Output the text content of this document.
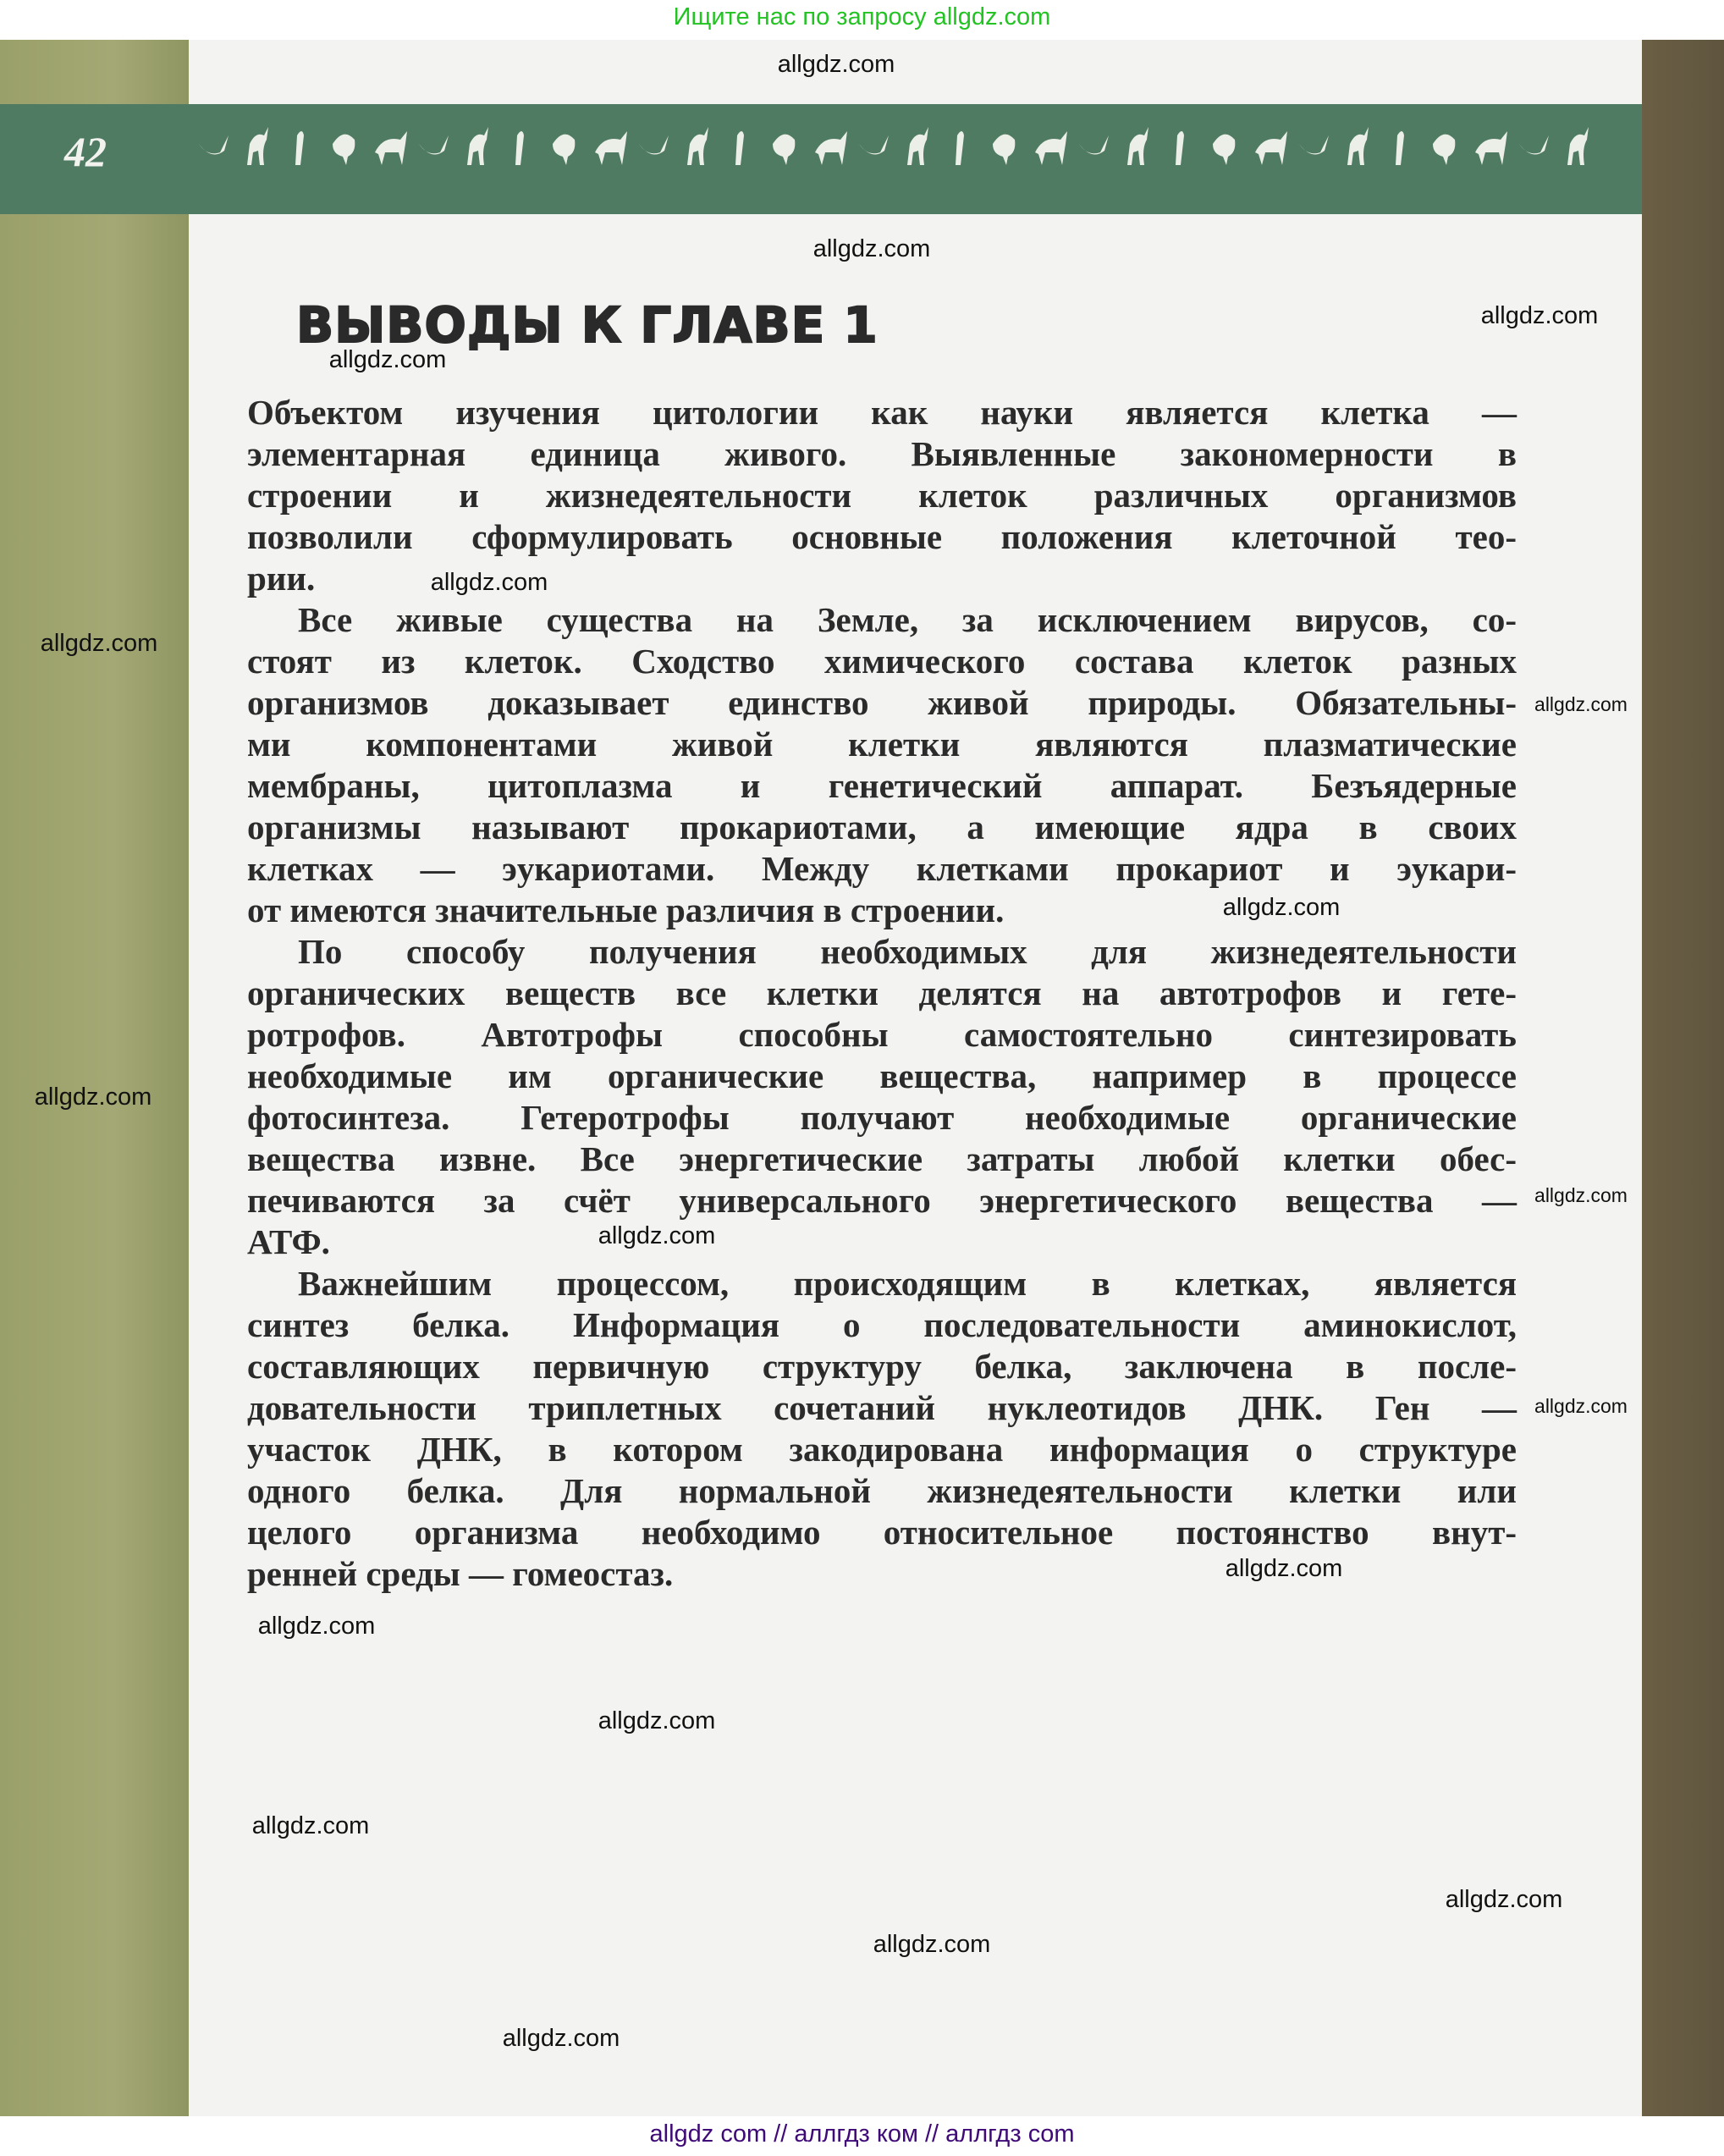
Ищите нас по запросу allgdz.com
42
ВЫВОДЫ К ГЛАВЕ 1
Объектом изучения цитологии как науки является клетка —
элементарная единица живого. Выявленные закономерности в
строении и жизнедеятельности клеток различных организмов
позволили сформулировать основные положения клеточной тео-
рии.
Все живые существа на Земле, за исключением вирусов, со-
стоят из клеток. Сходство химического состава клеток разных
организмов доказывает единство живой природы. Обязательны-
ми компонентами живой клетки являются плазматические
мембраны, цитоплазма и генетический аппарат. Безъядерные
организмы называют прокариотами, а имеющие ядра в своих
клетках — эукариотами. Между клетками прокариот и эукари-
от имеются значительные различия в строении.
По способу получения необходимых для жизнедеятельности
органических веществ все клетки делятся на автотрофов и гете-
ротрофов. Автотрофы способны самостоятельно синтезировать
необходимые им органические вещества, например в процессе
фотосинтеза. Гетеротрофы получают необходимые органические
вещества извне. Все энергетические затраты любой клетки обес-
печиваются за счёт универсального энергетического вещества —
АТФ.
Важнейшим процессом, происходящим в клетках, является
синтез белка. Информация о последовательности аминокислот,
составляющих первичную структуру белка, заключена в после-
довательности триплетных сочетаний нуклеотидов ДНК. Ген —
участок ДНК, в котором закодирована информация о структуре
одного белка. Для нормальной жизнедеятельности клетки или
целого организма необходимо относительное постоянство внут-
ренней среды — гомеостаз.
allgdz.com
allgdz.com
allgdz.com
allgdz.com
allgdz.com
allgdz.com
allgdz.com
allgdz.com
allgdz.com
allgdz.com
allgdz.com
allgdz.com
allgdz.com
allgdz.com
allgdz.com
allgdz.com
allgdz.com
allgdz.com
allgdz.com
allgdz com // аллгдз ком // аллгдз com
